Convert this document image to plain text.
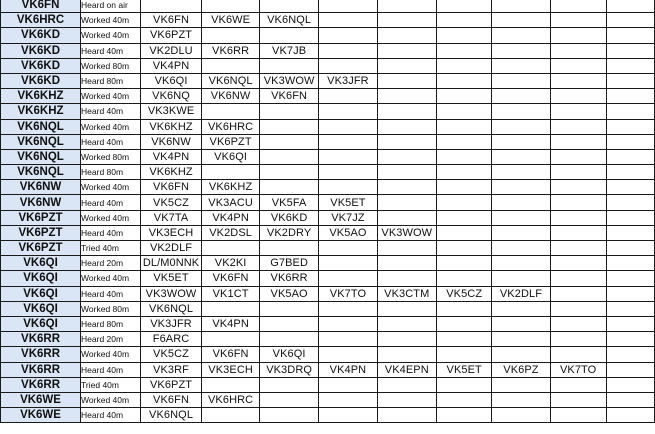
VK6FN	Heard on air									
VK6HRC	Worked 40m	VK6FN	VK6WE	VK6NQL						
VK6KD	Worked 40m	VK6PZT								
VK6KD	Heard 40m	VK2DLU	VK6RR	VK7JB						
VK6KD	Worked 80m	VK4PN								
VK6KD	Heard 80m	VK6QI	VK6NQL	VK3WOW	VK3JFR					
VK6KHZ	Worked 40m	VK6NQ	VK6NW	VK6FN						
VK6KHZ	Heard 40m	VK3KWE								
VK6NQL	Worked 40m	VK6KHZ	VK6HRC							
VK6NQL	Heard 40m	VK6NW	VK6PZT							
VK6NQL	Worked 80m	VK4PN	VK6QI							
VK6NQL	Heard 80m	VK6KHZ								
VK6NW	Worked 40m	VK6FN	VK6KHZ							
VK6NW	Heard 40m	VK5CZ	VK3ACU	VK5FA	VK5ET					
VK6PZT	Worked 40m	VK7TA	VK4PN	VK6KD	VK7JZ					
VK6PZT	Heard 40m	VK3ECH	VK2DSL	VK2DRY	VK5AO	VK3WOW				
VK6PZT	Tried 40m	VK2DLF								
VK6QI	Heard 20m	DL/M0NNK	VK2KI	G7BED						
VK6QI	Worked 40m	VK5ET	VK6FN	VK6RR						
VK6QI	Heard 40m	VK3WOW	VK1CT	VK5AO	VK7TO	VK3CTM	VK5CZ	VK2DLF		
VK6QI	Worked 80m	VK6NQL								
VK6QI	Heard 80m	VK3JFR	VK4PN							
VK6RR	Heard 20m	F6ARC								
VK6RR	Worked 40m	VK5CZ	VK6FN	VK6QI						
VK6RR	Heard 40m	VK3RF	VK3ECH	VK3DRQ	VK4PN	VK4EPN	VK5ET	VK6PZ	VK7TO	
VK6RR	Tried 40m	VK6PZT								
VK6WE	Worked 40m	VK6FN	VK6HRC							
VK6WE	Heard 40m	VK6NQL								
